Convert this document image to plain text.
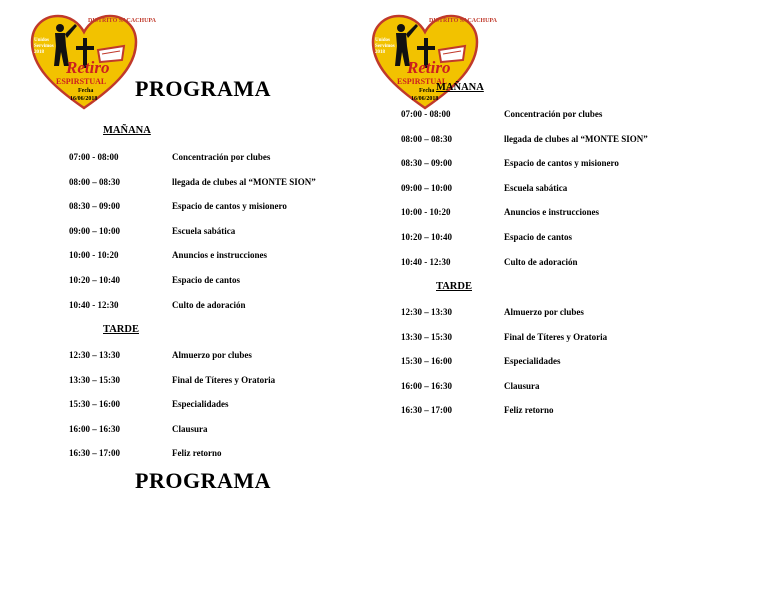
DISTRITO SACACHUPA
Unidos Servimos 2018
Retiro
ESPIRSTUAL
Fecha
16/06/2018
DISTRITO SACACHUPA
Unidos Servimos 2018
Retiro
ESPIRSTUAL
Fecha
16/06/2018
PROGRAMA
MAÑANA
07:00 - 08:00	Concentración por clubes
08:00 – 08:30	llegada de clubes al “MONTE SION”
08:30 – 09:00	Espacio de cantos y misionero
09:00 – 10:00	Escuela sabática
10:00 - 10:20	Anuncios e instrucciones
10:20 – 10:40	Espacio de cantos
10:40 - 12:30	Culto de adoración
TARDE
12:30 – 13:30	Almuerzo por clubes
13:30 – 15:30	Final de Títeres y Oratoria
15:30 – 16:00	Especialidades
16:00 – 16:30	Clausura
16:30 – 17:00	Feliz retorno
PROGRAMA
MAÑANA
07:00 - 08:00	Concentración por clubes
08:00 – 08:30	llegada de clubes al “MONTE SION”
08:30 – 09:00	Espacio de cantos y misionero
09:00 – 10:00	Escuela sabática
10:00 - 10:20	Anuncios e instrucciones
10:20 – 10:40	Espacio de cantos
10:40 - 12:30	Culto de adoración
TARDE
12:30 – 13:30	Almuerzo por clubes
13:30 – 15:30	Final de Títeres y Oratoria
15:30 – 16:00	Especialidades
16:00 – 16:30	Clausura
16:30 – 17:00	Feliz retorno
